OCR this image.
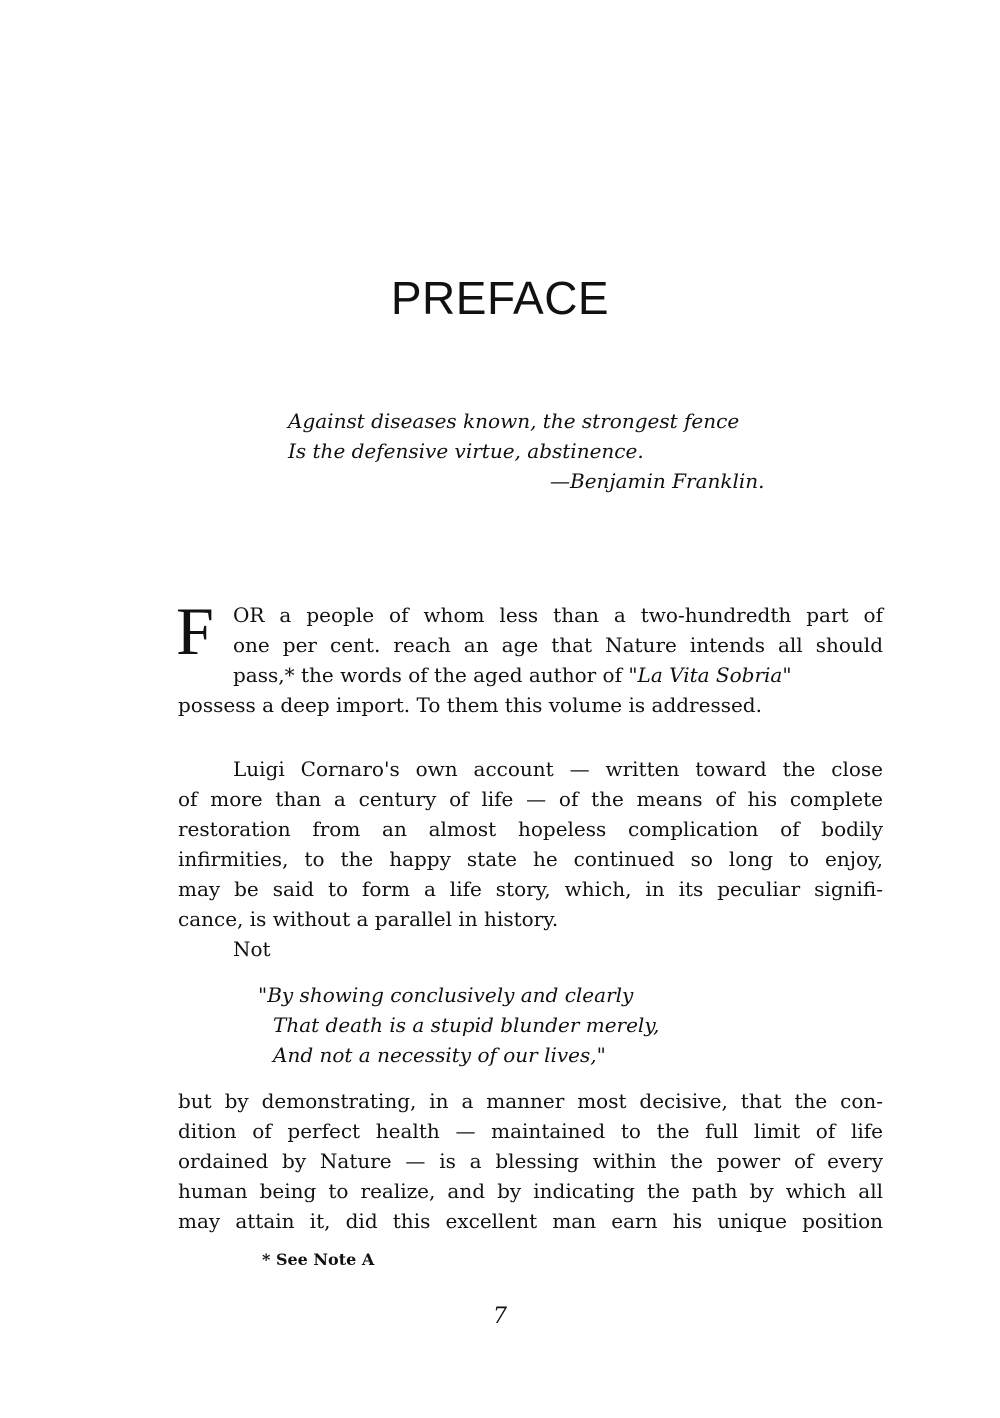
PREFACE
Against diseases known, the strongest fence
Is the defensive virtue, abstinence.
—Benjamin Franklin.
F OR a people of whom less than a two-hundredth part of
one per cent. reach an age that Nature intends all should
pass,* the words of the aged author of "La Vita Sobria"
possess a deep import. To them this volume is addressed.
Luigi Cornaro's own account — written toward the close
of more than a century of life — of the means of his complete
restoration from an almost hopeless complication of bodily
infirmities, to the happy state he continued so long to enjoy,
may be said to form a life story, which, in its peculiar signifi-
cance, is without a parallel in history.
Not
"By showing conclusively and clearly
That death is a stupid blunder merely,
And not a necessity of our lives,"
but by demonstrating, in a manner most decisive, that the con-
dition of perfect health — maintained to the full limit of life
ordained by Nature — is a blessing within the power of every
human being to realize, and by indicating the path by which all
may attain it, did this excellent man earn his unique position
* See Note A
7
